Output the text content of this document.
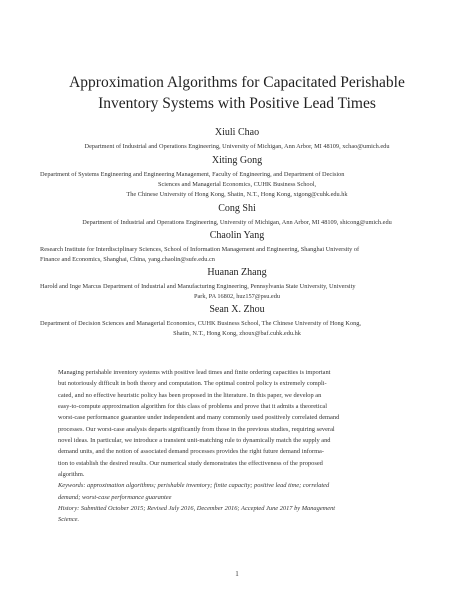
Approximation Algorithms for Capacitated Perishable
Inventory Systems with Positive Lead Times
Xiuli Chao
Department of Industrial and Operations Engineering, University of Michigan, Ann Arbor, MI 48109, xchao@umich.edu
Xiting Gong
Department of Systems Engineering and Engineering Management, Faculty of Engineering, and Department of Decision
Sciences and Managerial Economics, CUHK Business School,
The Chinese University of Hong Kong, Shatin, N.T., Hong Kong, xtgong@cuhk.edu.hk
Cong Shi
Department of Industrial and Operations Engineering, University of Michigan, Ann Arbor, MI 48109, shicong@umich.edu
Chaolin Yang
Research Institute for Interdisciplinary Sciences, School of Information Management and Engineering, Shanghai University of
Finance and Economics, Shanghai, China, yang.chaolin@sufe.edu.cn
Huanan Zhang
Harold and Inge Marcus Department of Industrial and Manufacturing Engineering, Pennsylvania State University, University
Park, PA 16802, huz157@psu.edu
Sean X. Zhou
Department of Decision Sciences and Managerial Economics, CUHK Business School, The Chinese University of Hong Kong,
Shatin, N.T., Hong Kong, zhoux@baf.cuhk.edu.hk
Managing perishable inventory systems with positive lead times and finite ordering capacities is important
but notoriously difficult in both theory and computation. The optimal control policy is extremely compli-
cated, and no effective heuristic policy has been proposed in the literature. In this paper, we develop an
easy-to-compute approximation algorithm for this class of problems and prove that it admits a theoretical
worst-case performance guarantee under independent and many commonly used positively correlated demand
processes. Our worst-case analysis departs significantly from those in the previous studies, requiring several
novel ideas. In particular, we introduce a transient unit-matching rule to dynamically match the supply and
demand units, and the notion of associated demand processes provides the right future demand informa-
tion to establish the desired results. Our numerical study demonstrates the effectiveness of the proposed
algorithm.
Keywords: approximation algorithms; perishable inventory; finite capacity; positive lead time; correlated
demand; worst-case performance guarantee
History: Submitted October 2015; Revised July 2016, December 2016; Accepted June 2017 by Management
Science.
1
